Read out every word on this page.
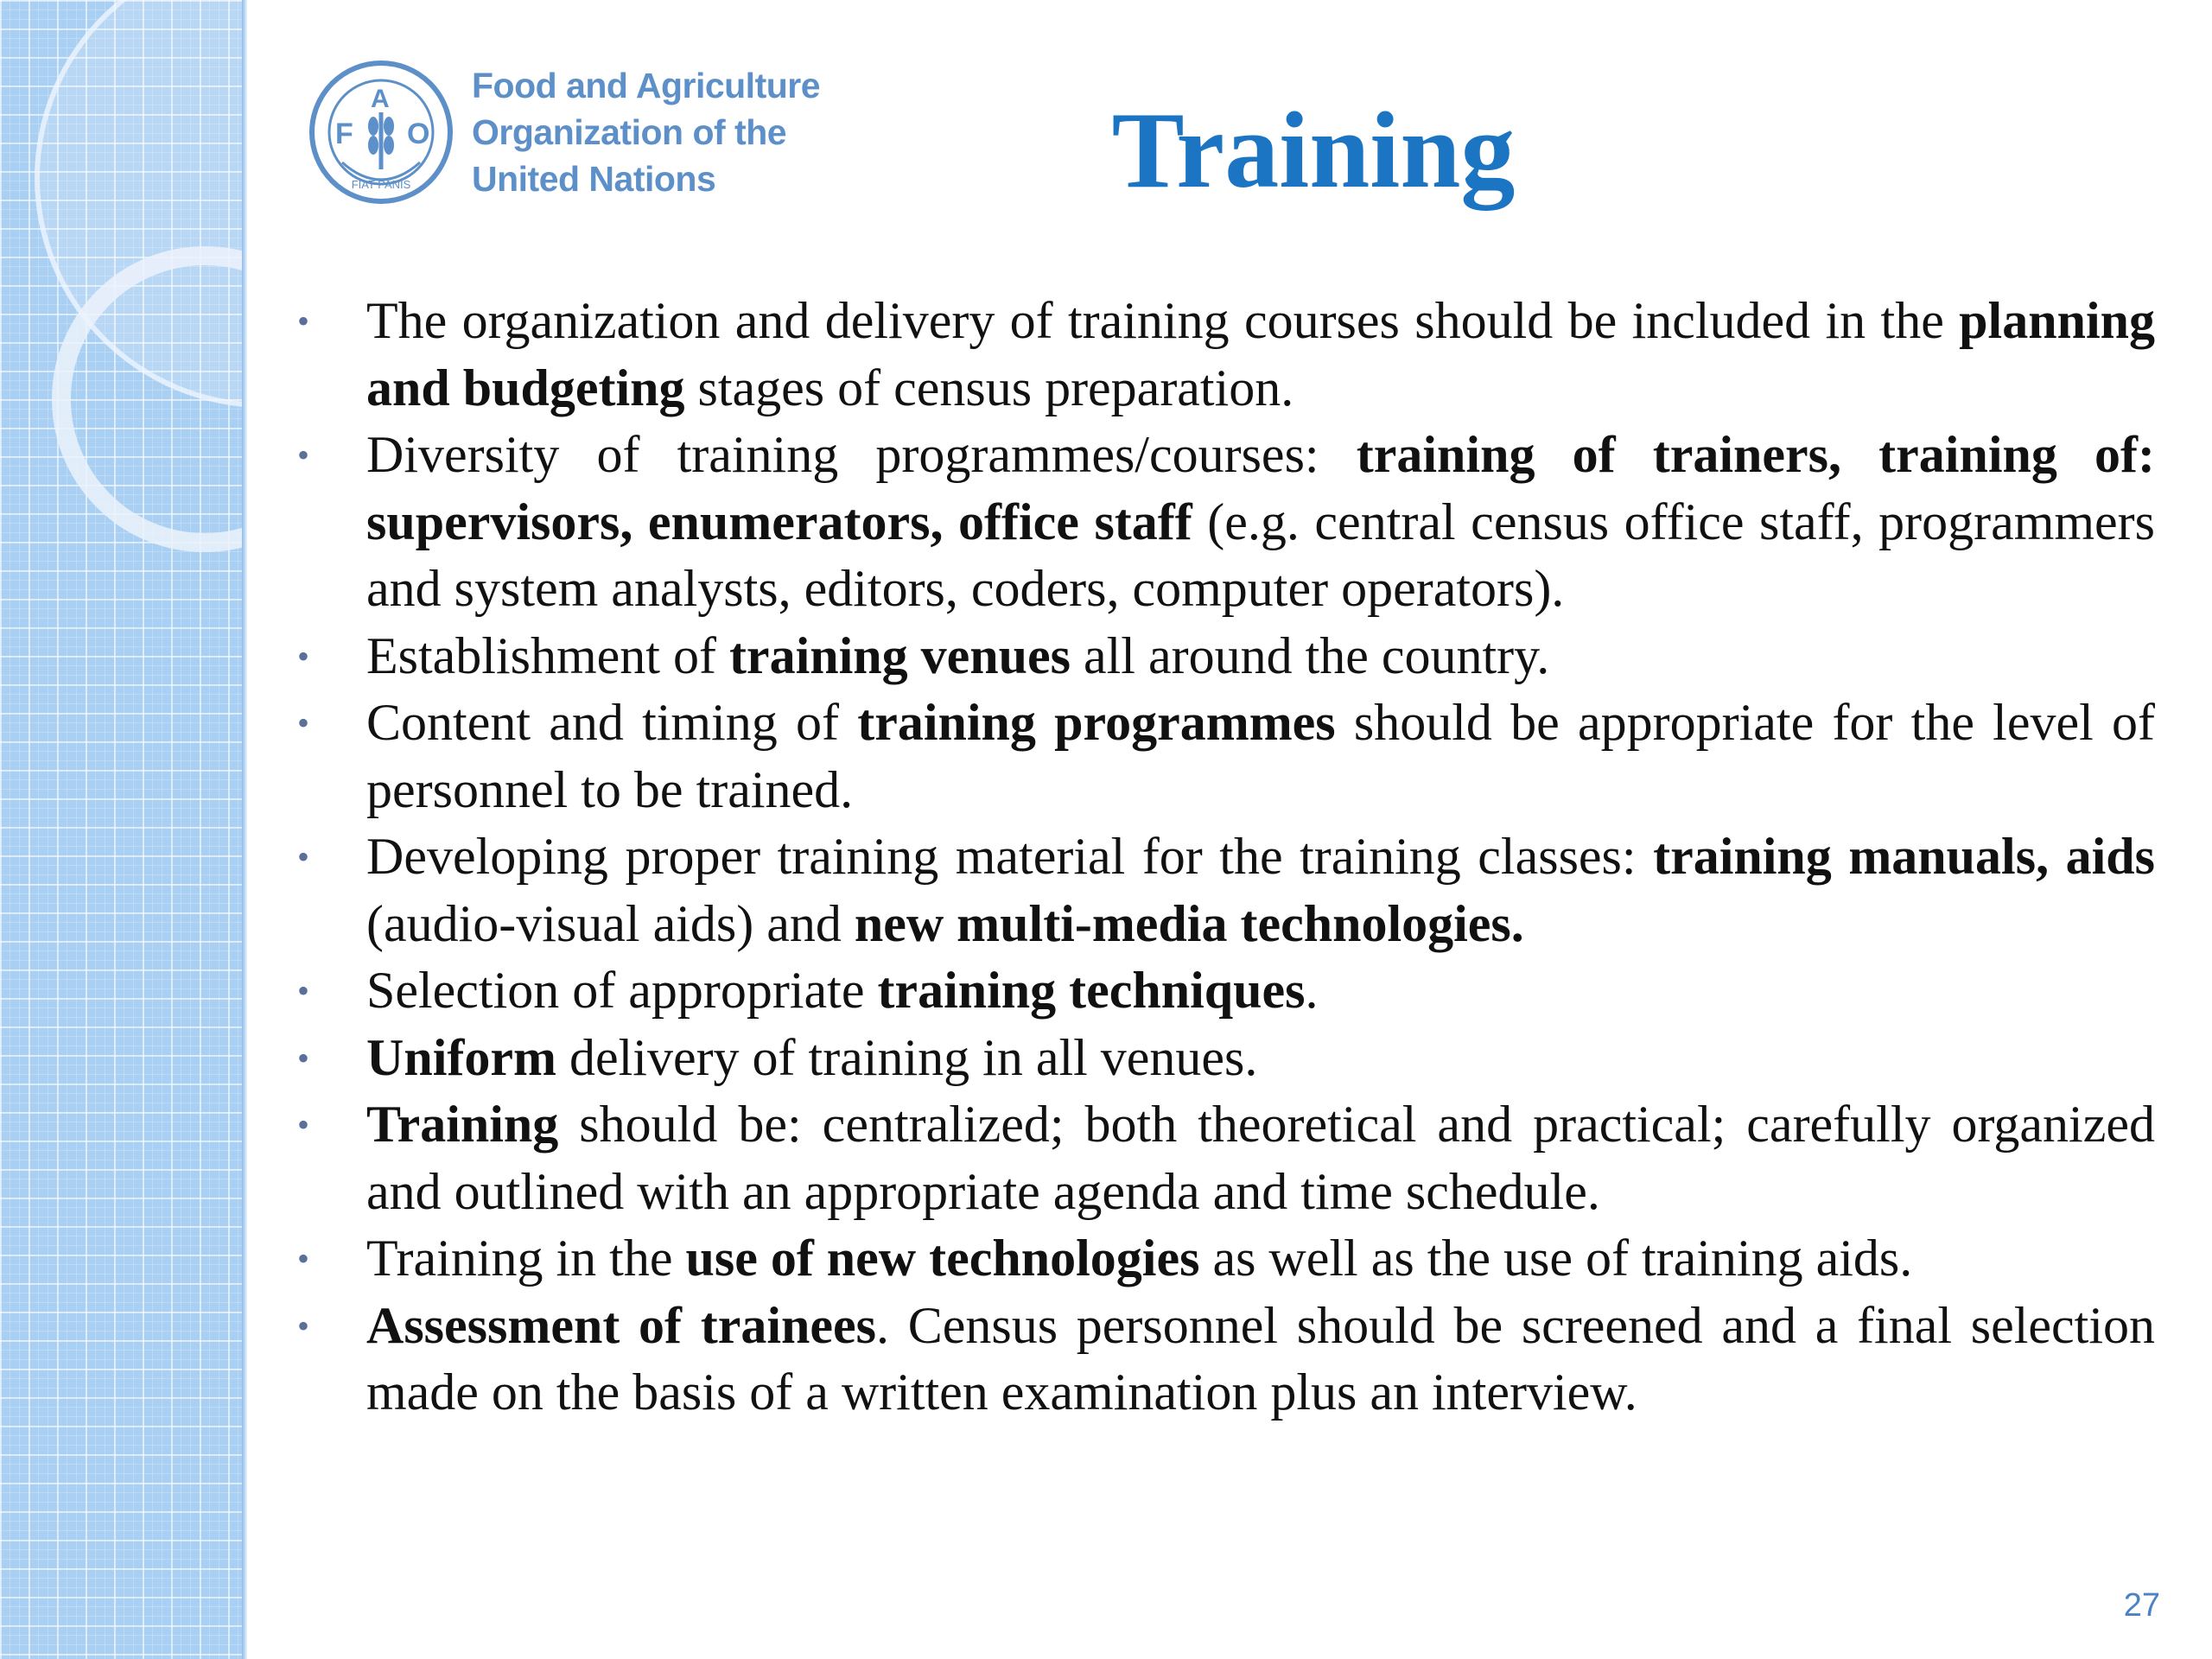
F
A
O
FIAT PANIS
Food and Agriculture
Organization of the
United Nations	Training
• The organization and delivery of training courses should be included in the planning and budgeting stages of census preparation.
• Diversity of training programmes/courses: training of trainers, training of: supervisors, enumerators, office staff (e.g. central census office staff, programmers and system analysts, editors, coders, computer operators).
• Establishment of training venues all around the country.
• Content and timing of training programmes should be appropriate for the level of personnel to be trained.
• Developing proper training material for the training classes: training manuals, aids (audio-visual aids) and new multi-media technologies.
• Selection of appropriate training techniques.
• Uniform delivery of training in all venues.
• Training should be: centralized; both theoretical and practical; carefully organized and outlined with an appropriate agenda and time schedule.
• Training in the use of new technologies as well as the use of training aids.
• Assessment of trainees. Census personnel should be screened and a final selection made on the basis of a written examination plus an interview.
27
